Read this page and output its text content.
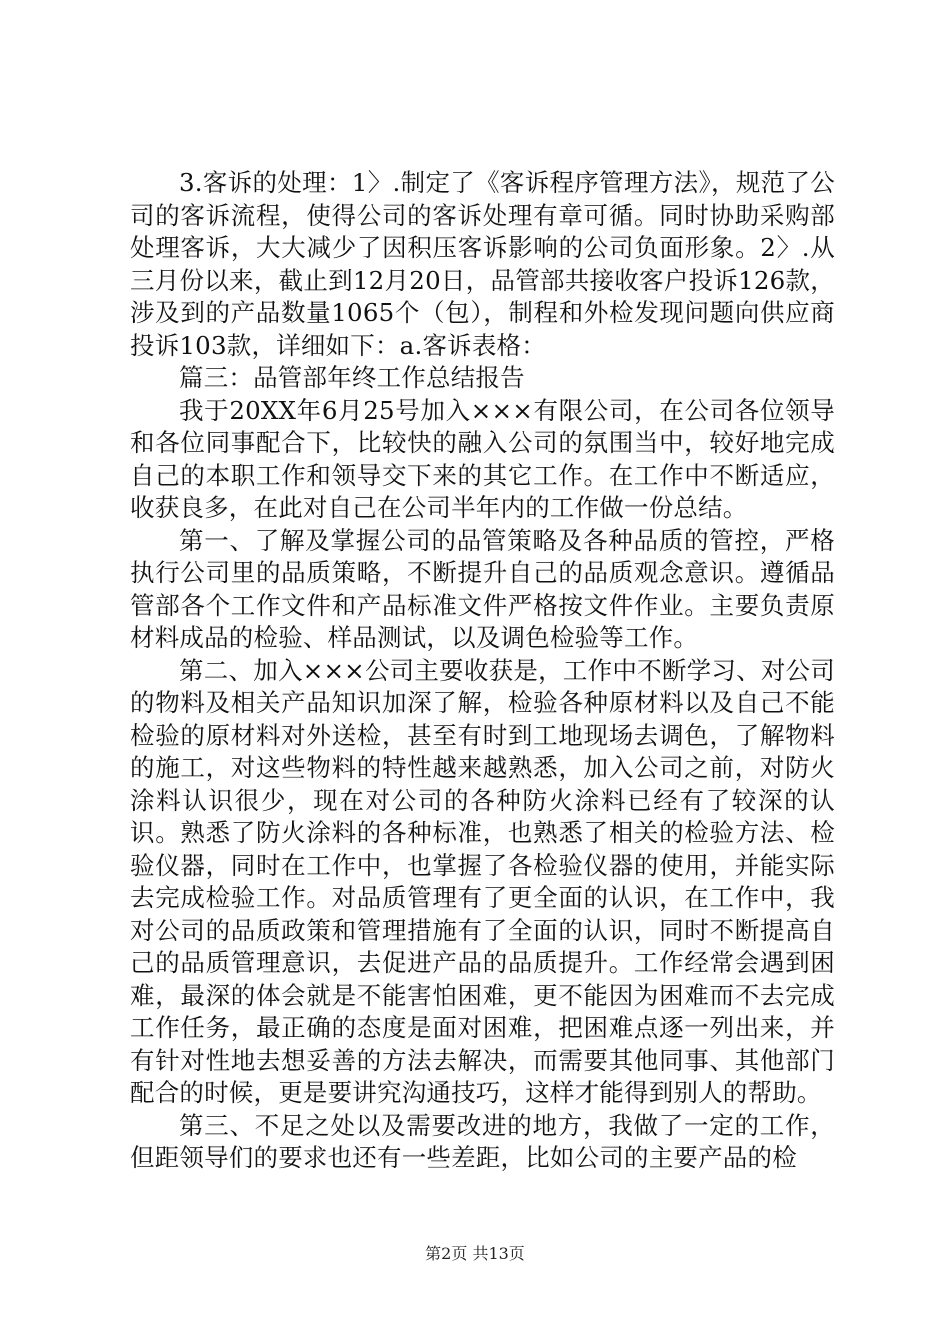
3.客诉的处理：1〉.制定了《客诉程序管理方法》，规范了公司的客诉流程，使得公司的客诉处理有章可循。同时协助采购部处理客诉，大大减少了因积压客诉影响的公司负面形象。2〉.从三月份以来，截止到12月20日，品管部共接收客户投诉126款，涉及到的产品数量1065个（包），制程和外检发现问题向供应商投诉103款，详细如下：a.客诉表格：

篇三：品管部年终工作总结报告

我于20XX年6月25号加入×××有限公司，在公司各位领导和各位同事配合下，比较快的融入公司的氛围当中，较好地完成自己的本职工作和领导交下来的其它工作。在工作中不断适应，收获良多，在此对自己在公司半年内的工作做一份总结。

第一、了解及掌握公司的品管策略及各种品质的管控，严格执行公司里的品质策略，不断提升自己的品质观念意识。遵循品管部各个工作文件和产品标准文件严格按文件作业。主要负责原材料成品的检验、样品测试，以及调色检验等工作。

第二、加入×××公司主要收获是，工作中不断学习、对公司的物料及相关产品知识加深了解，检验各种原材料以及自己不能检验的原材料对外送检，甚至有时到工地现场去调色，了解物料的施工，对这些物料的特性越来越熟悉，加入公司之前，对防火涂料认识很少，现在对公司的各种防火涂料已经有了较深的认识。熟悉了防火涂料的各种标准，也熟悉了相关的检验方法、检验仪器，同时在工作中，也掌握了各检验仪器的使用，并能实际去完成检验工作。对品质管理有了更全面的认识，在工作中，我对公司的品质政策和管理措施有了全面的认识，同时不断提高自己的品质管理意识，去促进产品的品质提升。工作经常会遇到困难，最深的体会就是不能害怕困难，更不能因为困难而不去完成工作任务，最正确的态度是面对困难，把困难点逐一列出来，并有针对性地去想妥善的方法去解决，而需要其他同事、其他部门配合的时候，更是要讲究沟通技巧，这样才能得到别人的帮助。

第三、不足之处以及需要改进的地方，我做了一定的工作，但距领导们的要求也还有一些差距，比如公司的主要产品的检

第2页 共13页
